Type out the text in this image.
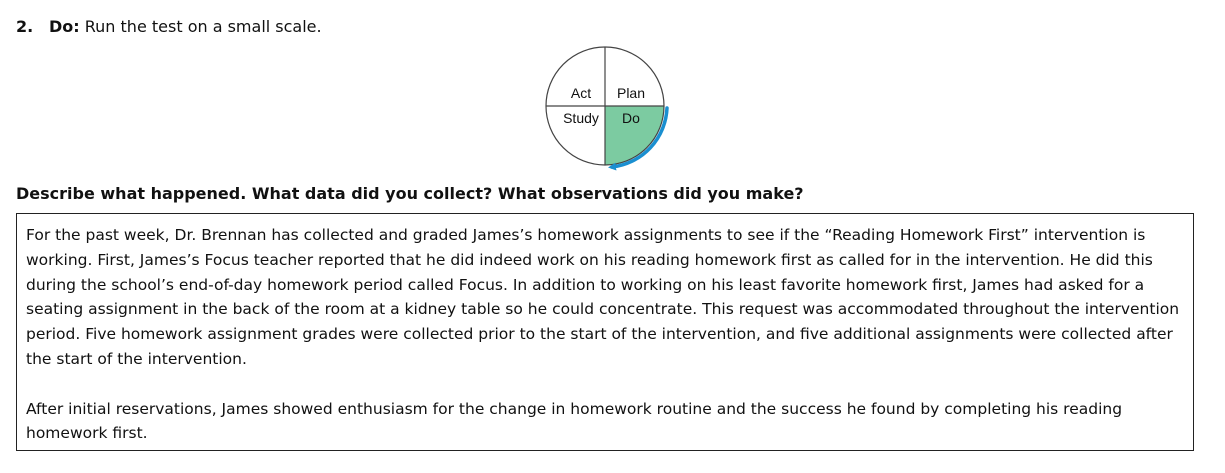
2. Do: Run the test on a small scale.
Act Plan
Study Do
Describe what happened. What data did you collect? What observations did you make?

For the past week, Dr. Brennan has collected and graded James’s homework assignments to see if the “Reading Homework First” intervention is working. First, James’s Focus teacher reported that he did indeed work on his reading homework first as called for in the intervention. He did this during the school’s end-of-day homework period called Focus. In addition to working on his least favorite homework first, James had asked for a seating assignment in the back of the room at a kidney table so he could concentrate. This request was accommodated throughout the intervention period. Five homework assignment grades were collected prior to the start of the intervention, and five additional assignments were collected after the start of the intervention.

After initial reservations, James showed enthusiasm for the change in homework routine and the success he found by completing his reading homework first.
